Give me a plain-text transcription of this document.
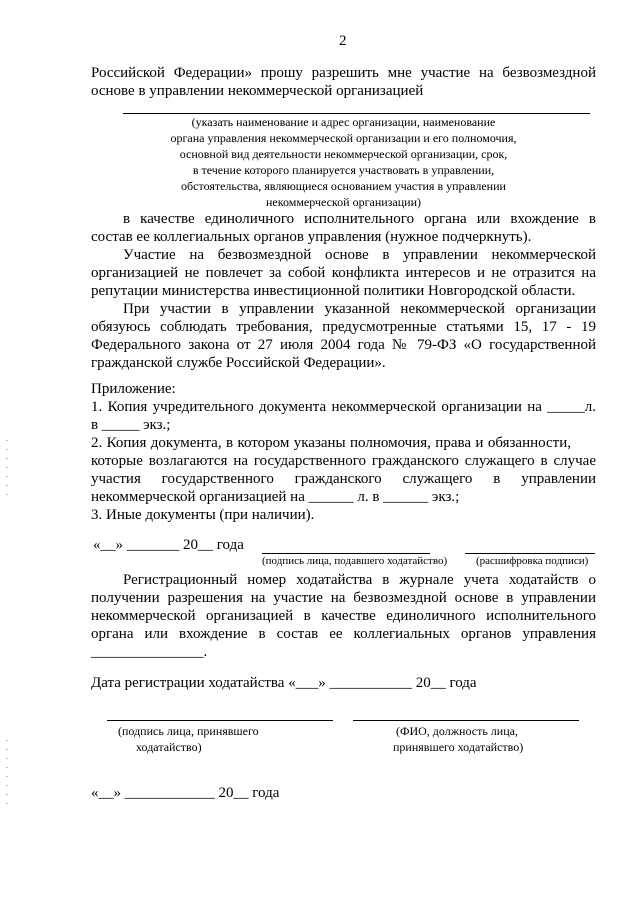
2
Российской Федерации» прошу разрешить мне участие на безвозмездной
основе в управлении некоммерческой организацией
(указать наименование и адрес организации, наименование
органа управления некоммерческой организации и его полномочия,
основной вид деятельности некоммерческой организации, срок,
в течение которого планируется участвовать в управлении,
обстоятельства, являющиеся основанием участия в управлении
некоммерческой организации)
в качестве единоличного исполнительного органа или вхождение в
состав ее коллегиальных органов управления (нужное подчеркнуть).
Участие на безвозмездной основе в управлении некоммерческой
организацией не повлечет за собой конфликта интересов и не отразится на
репутации министерства инвестиционной политики Новгородской области.
При участии в управлении указанной некоммерческой организации
обязуюсь соблюдать требования, предусмотренные статьями 15, 17 - 19
Федерального закона от 27 июля 2004 года № 79-ФЗ «О государственной
гражданской службе Российской Федерации».
Приложение:
1. Копия учредительного документа некоммерческой организации на _____л.
в _____ экз.;
2. Копия документа, в котором указаны полномочия, права и обязанности,
которые возлагаются на государственного гражданского служащего в случае
участия государственного гражданского служащего в управлении
некоммерческой организацией на ______ л. в ______ экз.;
3. Иные документы (при наличии).
«__» _______ 20__ года
(подпись лица, подавшего ходатайство)	(расшифровка подписи)
Регистрационный номер ходатайства в журнале учета ходатайств о
получении разрешения на участие на безвозмездной основе в управлении
некоммерческой организацией в качестве единоличного исполнительного
органа или вхождение в состав ее коллегиальных органов управления
_______________.
Дата регистрации ходатайства «___» ___________ 20__ года
(подпись лица, принявшего
ходатайство)
(ФИО, должность лица,
принявшего ходатайство)
«__» ____________ 20__ года
